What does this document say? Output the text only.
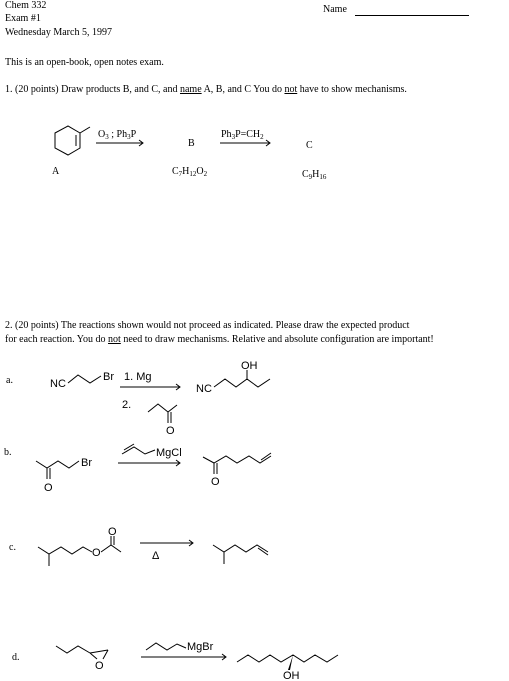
Chem 332
Exam #1
Wednesday March 5, 1997
Name
This is an open-book, open notes exam.
1. (20 points) Draw products B, and C, and name A, B, and C You do not have to show mechanisms.
2. (20 points) The reactions shown would not proceed as indicated. Please draw the expected product
for each reaction. You do not need to draw mechanisms. Relative and absolute configuration are important!
A
$O_3$ ; $Ph_3P$
B
$C_7H_{12}O_2$
$Ph_3P=CH_2$
C
$C_9H_{16}$
a.	NC
Br 1. Mg
2.
O
NC
OH
b.
Br
O
MgCl
O
c.	O
O
Δ
d.
O
MgBr
OH
